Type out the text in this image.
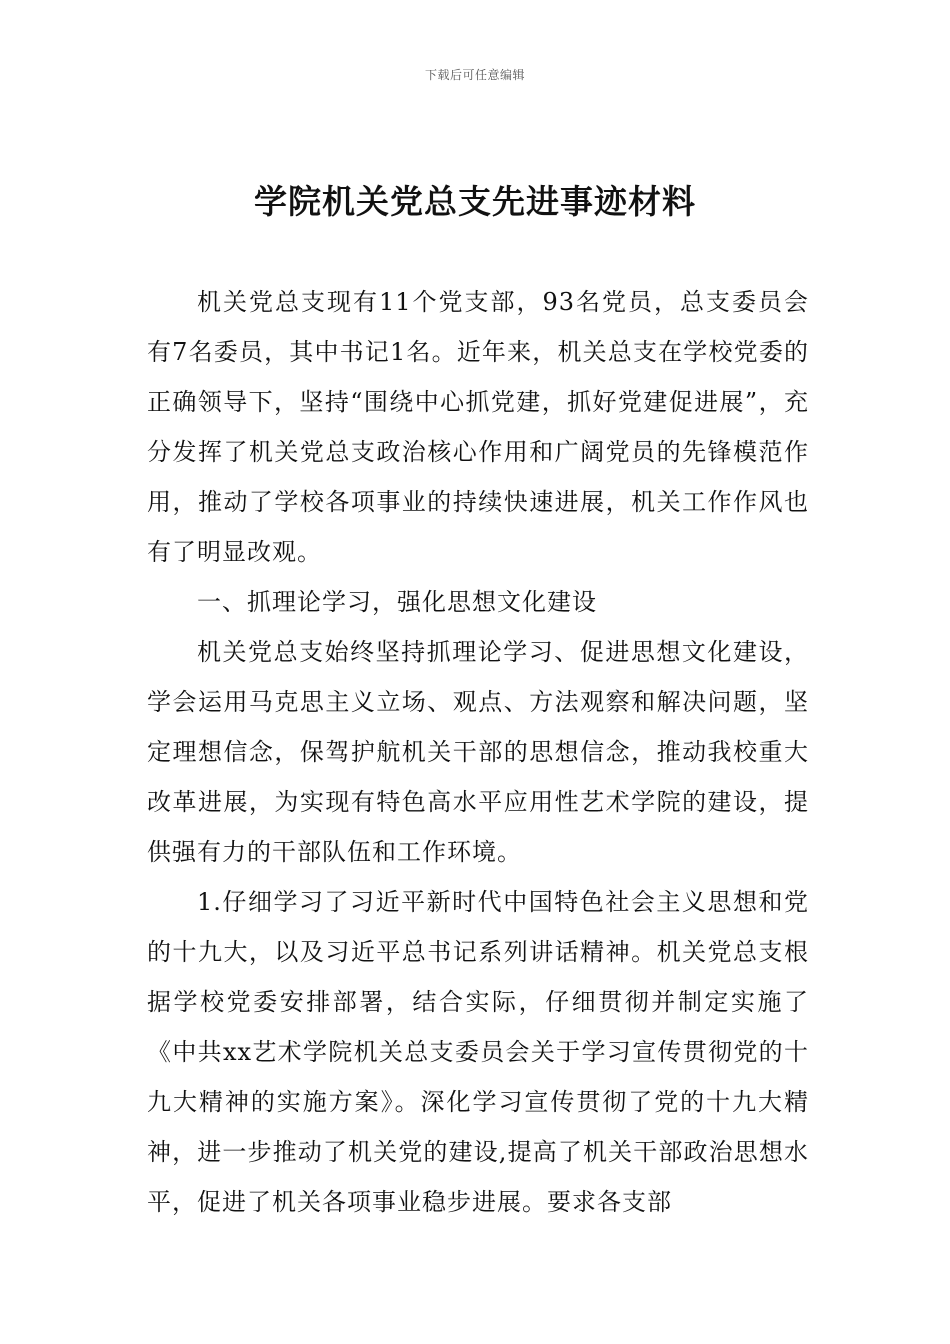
下载后可任意编辑
学院机关党总支先进事迹材料

机关党总支现有11个党支部，93名党员，总支委员会有7名委员，其中书记1名。近年来，机关总支在学校党委的正确领导下，坚持“围绕中心抓党建，抓好党建促进展”，充分发挥了机关党总支政治核心作用和广阔党员的先锋模范作用，推动了学校各项事业的持续快速进展，机关工作作风也有了明显改观。

一、抓理论学习，强化思想文化建设

机关党总支始终坚持抓理论学习、促进思想文化建设，学会运用马克思主义立场、观点、方法观察和解决问题，坚定理想信念，保驾护航机关干部的思想信念，推动我校重大改革进展，为实现有特色高水平应用性艺术学院的建设，提供强有力的干部队伍和工作环境。

1.仔细学习了习近平新时代中国特色社会主义思想和党的十九大，以及习近平总书记系列讲话精神。机关党总支根据学校党委安排部署，结合实际，仔细贯彻并制定实施了《中共xx艺术学院机关总支委员会关于学习宣传贯彻党的十九大精神的实施方案》。深化学习宣传贯彻了党的十九大精神，进一步推动了机关党的建设,提高了机关干部政治思想水平，促进了机关各项事业稳步进展。要求各支部
